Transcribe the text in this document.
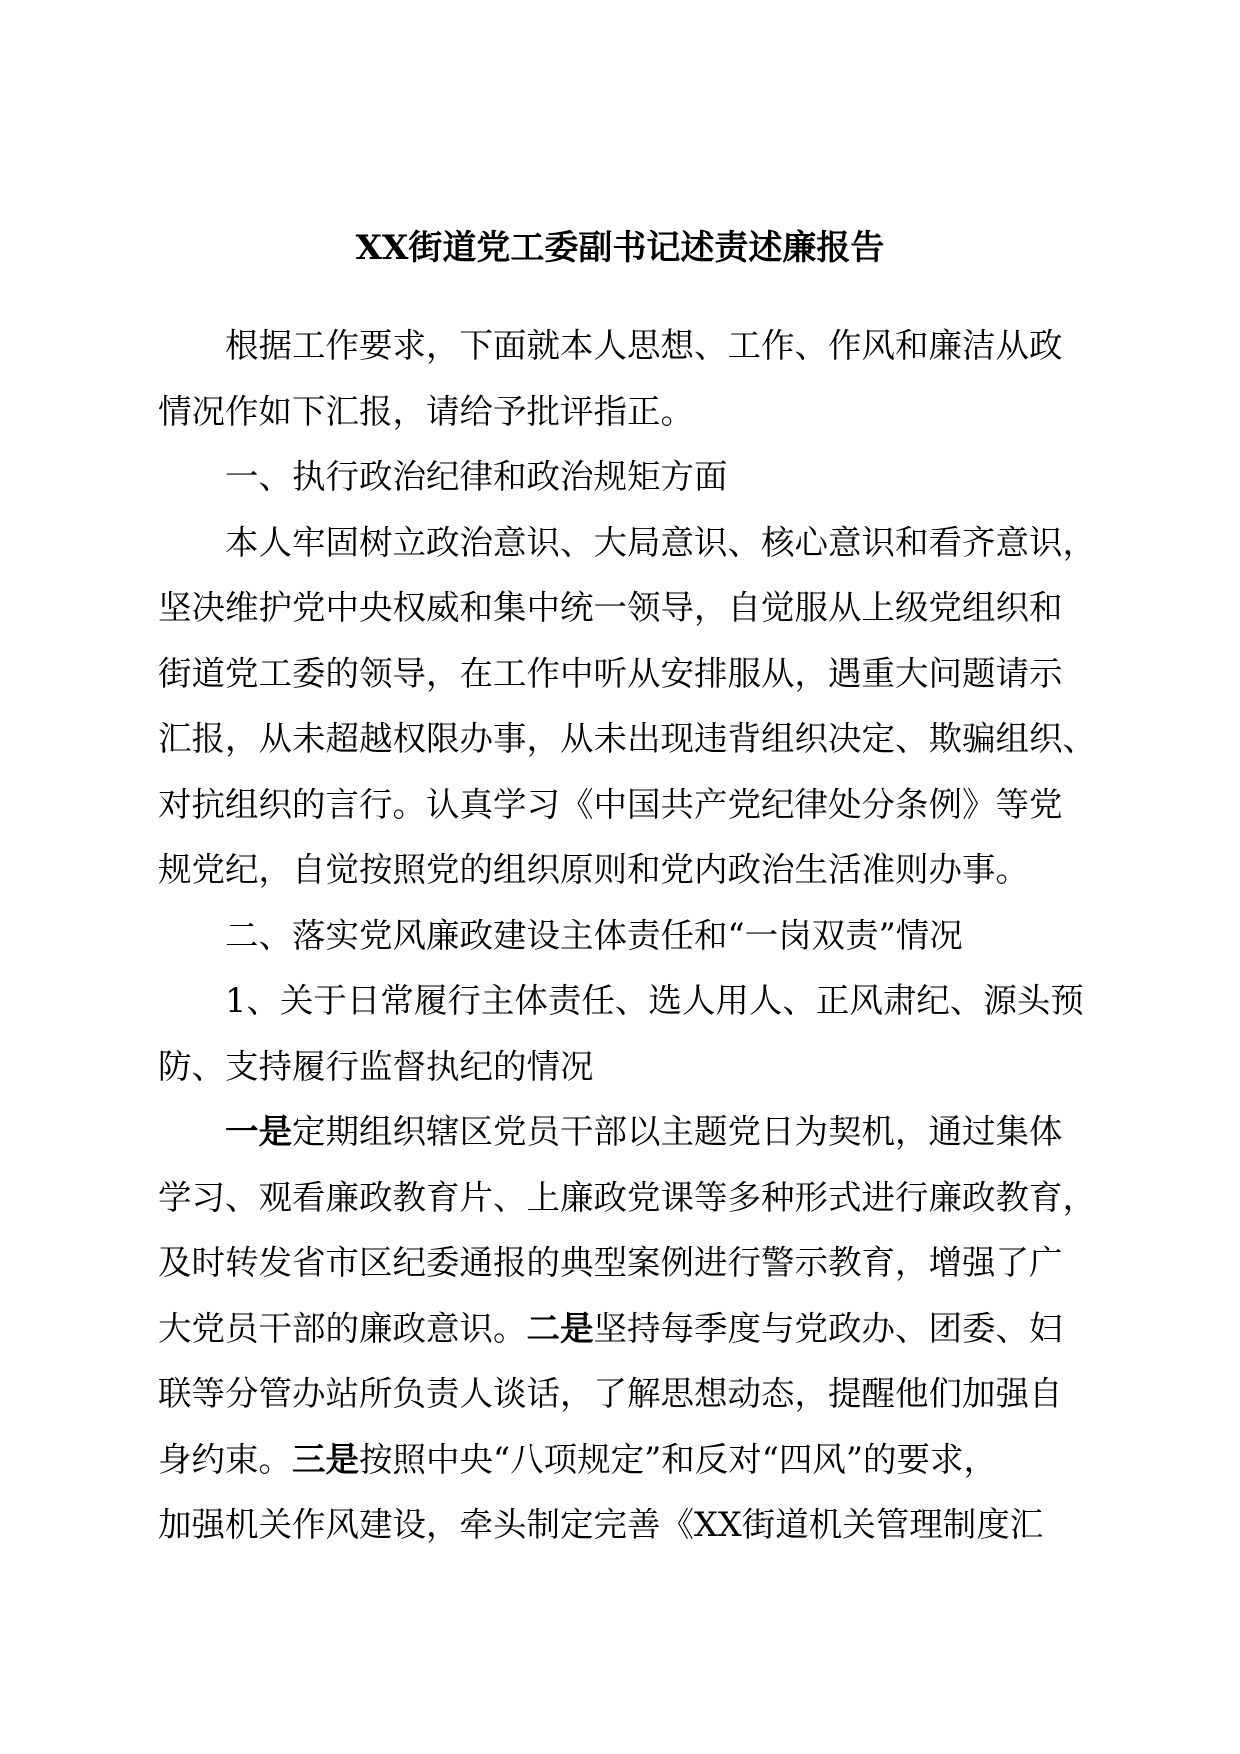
XX街道党工委副书记述责述廉报告
根据工作要求，下面就本人思想、工作、作风和廉洁从政
情况作如下汇报，请给予批评指正。
一、执行政治纪律和政治规矩方面
本人牢固树立政治意识、大局意识、核心意识和看齐意识，
坚决维护党中央权威和集中统一领导，自觉服从上级党组织和
街道党工委的领导，在工作中听从安排服从，遇重大问题请示
汇报，从未超越权限办事，从未出现违背组织决定、欺骗组织、
对抗组织的言行。认真学习《中国共产党纪律处分条例》等党
规党纪，自觉按照党的组织原则和党内政治生活准则办事。
二、落实党风廉政建设主体责任和“一岗双责”情况
1、关于日常履行主体责任、选人用人、正风肃纪、源头预
防、支持履行监督执纪的情况
一是定期组织辖区党员干部以主题党日为契机，通过集体
学习、观看廉政教育片、上廉政党课等多种形式进行廉政教育，
及时转发省市区纪委通报的典型案例进行警示教育，增强了广
大党员干部的廉政意识。二是坚持每季度与党政办、团委、妇
联等分管办站所负责人谈话，了解思想动态，提醒他们加强自
身约束。三是按照中央“八项规定”和反对“四风”的要求，
加强机关作风建设，牵头制定完善《XX街道机关管理制度汇
